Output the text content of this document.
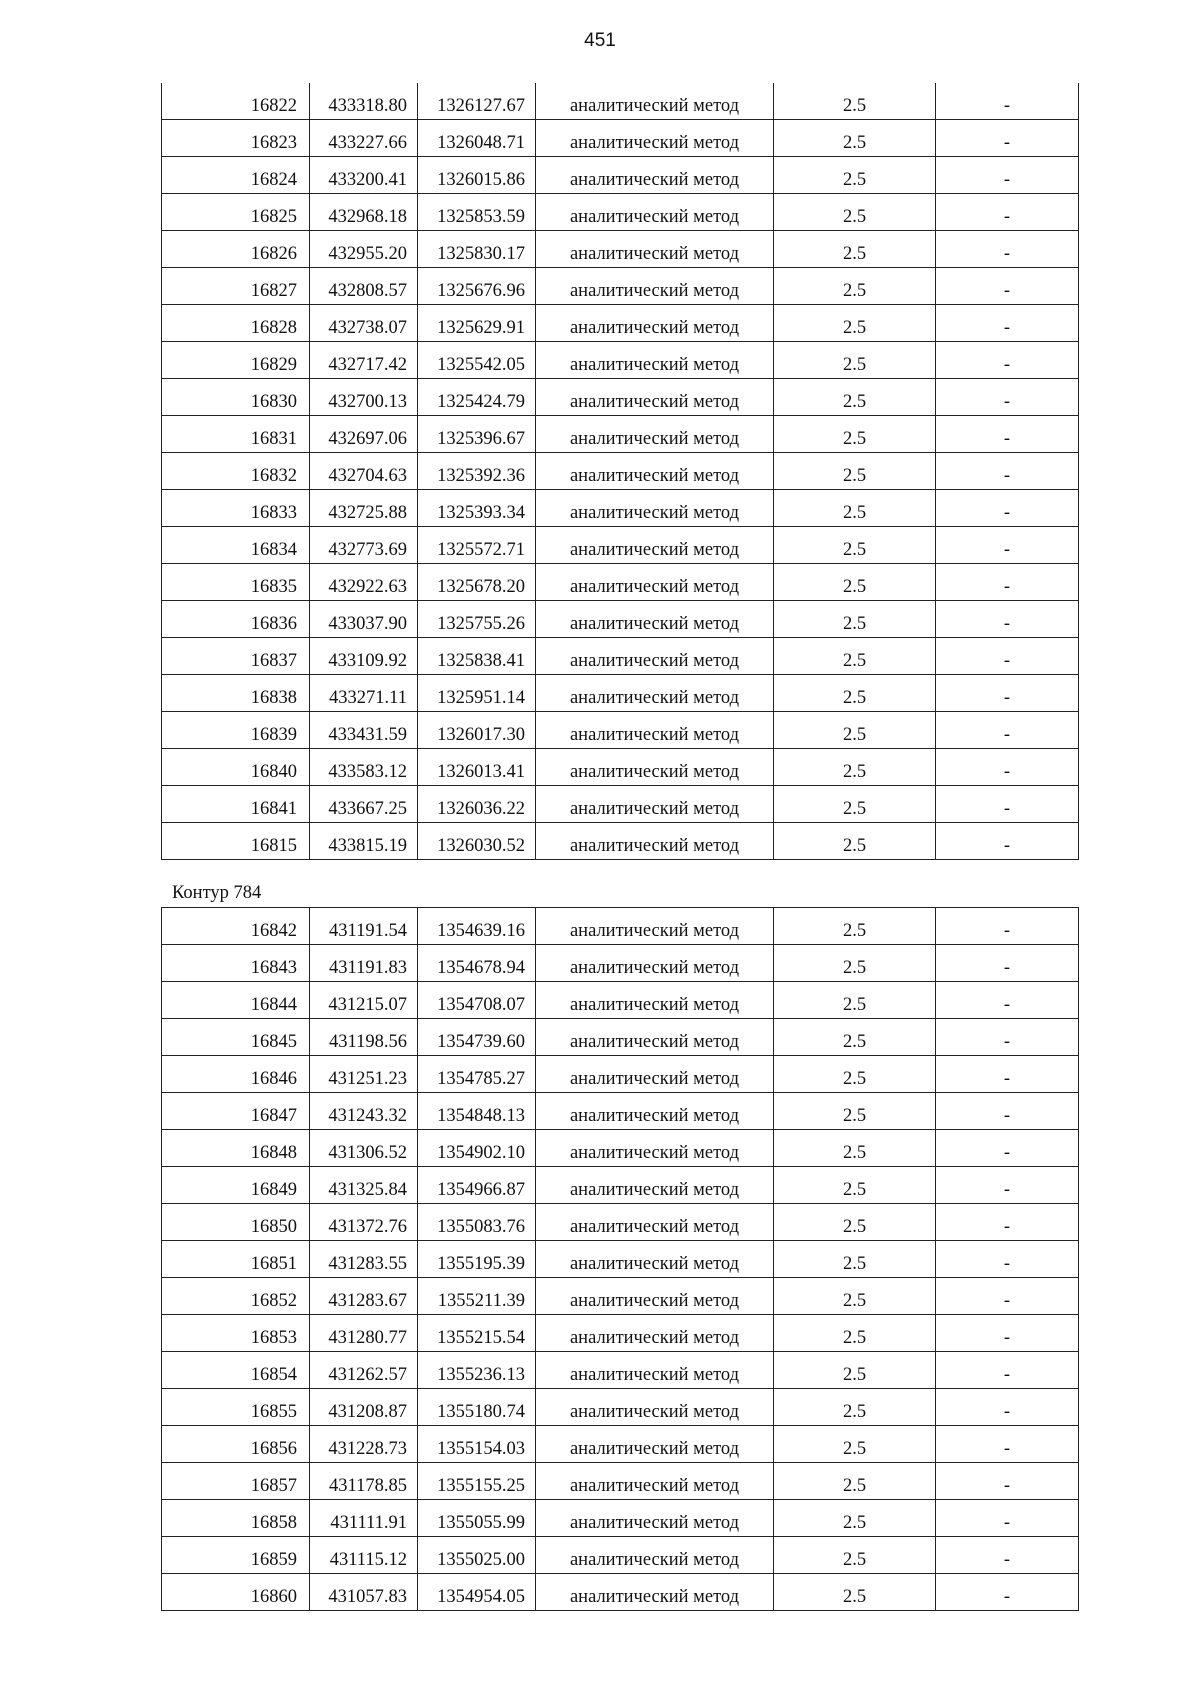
451
16822	433318.80	1326127.67	аналитический метод	2.5	-
16823	433227.66	1326048.71	аналитический метод	2.5	-
16824	433200.41	1326015.86	аналитический метод	2.5	-
16825	432968.18	1325853.59	аналитический метод	2.5	-
16826	432955.20	1325830.17	аналитический метод	2.5	-
16827	432808.57	1325676.96	аналитический метод	2.5	-
16828	432738.07	1325629.91	аналитический метод	2.5	-
16829	432717.42	1325542.05	аналитический метод	2.5	-
16830	432700.13	1325424.79	аналитический метод	2.5	-
16831	432697.06	1325396.67	аналитический метод	2.5	-
16832	432704.63	1325392.36	аналитический метод	2.5	-
16833	432725.88	1325393.34	аналитический метод	2.5	-
16834	432773.69	1325572.71	аналитический метод	2.5	-
16835	432922.63	1325678.20	аналитический метод	2.5	-
16836	433037.90	1325755.26	аналитический метод	2.5	-
16837	433109.92	1325838.41	аналитический метод	2.5	-
16838	433271.11	1325951.14	аналитический метод	2.5	-
16839	433431.59	1326017.30	аналитический метод	2.5	-
16840	433583.12	1326013.41	аналитический метод	2.5	-
16841	433667.25	1326036.22	аналитический метод	2.5	-
16815	433815.19	1326030.52	аналитический метод	2.5	-
Контур 784
16842	431191.54	1354639.16	аналитический метод	2.5	-
16843	431191.83	1354678.94	аналитический метод	2.5	-
16844	431215.07	1354708.07	аналитический метод	2.5	-
16845	431198.56	1354739.60	аналитический метод	2.5	-
16846	431251.23	1354785.27	аналитический метод	2.5	-
16847	431243.32	1354848.13	аналитический метод	2.5	-
16848	431306.52	1354902.10	аналитический метод	2.5	-
16849	431325.84	1354966.87	аналитический метод	2.5	-
16850	431372.76	1355083.76	аналитический метод	2.5	-
16851	431283.55	1355195.39	аналитический метод	2.5	-
16852	431283.67	1355211.39	аналитический метод	2.5	-
16853	431280.77	1355215.54	аналитический метод	2.5	-
16854	431262.57	1355236.13	аналитический метод	2.5	-
16855	431208.87	1355180.74	аналитический метод	2.5	-
16856	431228.73	1355154.03	аналитический метод	2.5	-
16857	431178.85	1355155.25	аналитический метод	2.5	-
16858	431111.91	1355055.99	аналитический метод	2.5	-
16859	431115.12	1355025.00	аналитический метод	2.5	-
16860	431057.83	1354954.05	аналитический метод	2.5	-
